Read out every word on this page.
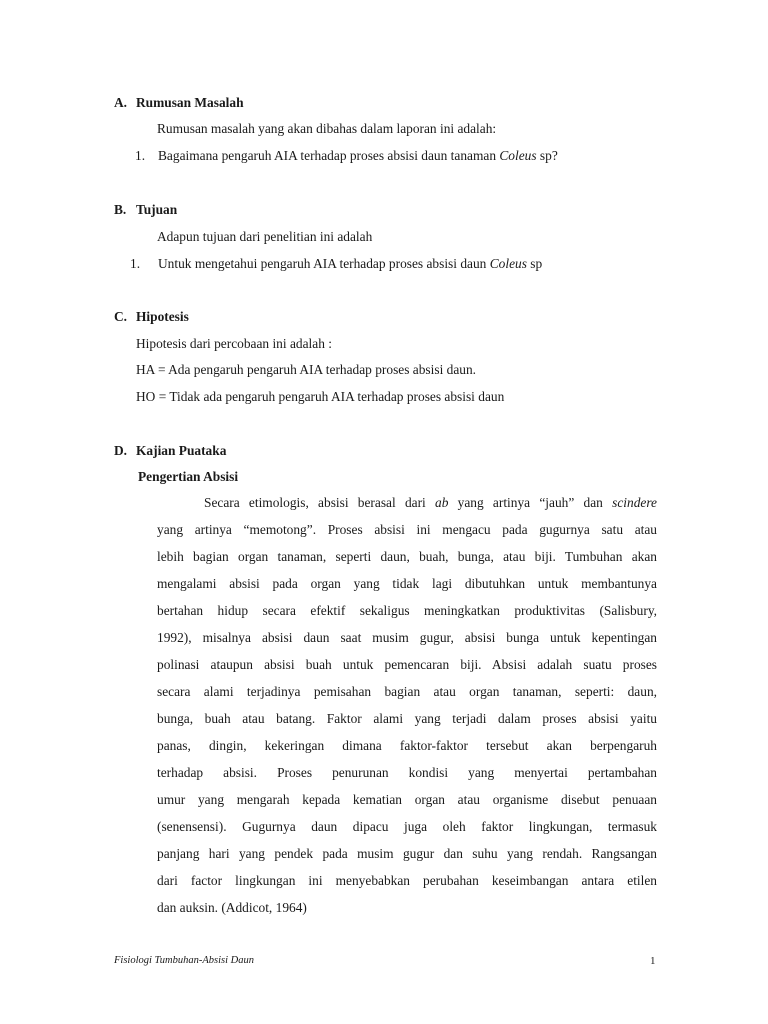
A. Rumusan Masalah
Rumusan masalah yang akan dibahas dalam laporan ini adalah:
1. Bagaimana pengaruh AIA terhadap proses absisi daun tanaman Coleus sp?
B. Tujuan
Adapun tujuan dari penelitian ini adalah
1. Untuk mengetahui pengaruh AIA terhadap proses absisi daun Coleus sp
C. Hipotesis
Hipotesis dari percobaan ini adalah :
HA = Ada pengaruh pengaruh AIA terhadap proses absisi daun.
HO = Tidak ada pengaruh pengaruh AIA terhadap proses absisi daun
D. Kajian Puataka
Pengertian Absisi
Secara etimologis, absisi berasal dari ab yang artinya “jauh” dan scindere
yang artinya “memotong”. Proses absisi ini mengacu pada gugurnya satu atau
lebih bagian organ tanaman, seperti daun, buah, bunga, atau biji. Tumbuhan akan
mengalami absisi pada organ yang tidak lagi dibutuhkan untuk membantunya
bertahan hidup secara efektif sekaligus meningkatkan produktivitas (Salisbury,
1992), misalnya absisi daun saat musim gugur, absisi bunga untuk kepentingan
polinasi ataupun absisi buah untuk pemencaran biji. Absisi adalah suatu proses
secara alami terjadinya pemisahan bagian atau organ tanaman, seperti: daun,
bunga, buah atau batang. Faktor alami yang terjadi dalam proses absisi yaitu
panas, dingin, kekeringan dimana faktor-faktor tersebut akan berpengaruh
terhadap absisi. Proses penurunan kondisi yang menyertai pertambahan
umur yang mengarah kepada kematian organ atau organisme disebut penuaan
(senensensi). Gugurnya daun dipacu juga oleh faktor lingkungan, termasuk
panjang hari yang pendek pada musim gugur dan suhu yang rendah. Rangsangan
dari factor lingkungan ini menyebabkan perubahan keseimbangan antara etilen
dan auksin. (Addicot, 1964)
Fisiologi Tumbuhan-Absisi Daun	1
